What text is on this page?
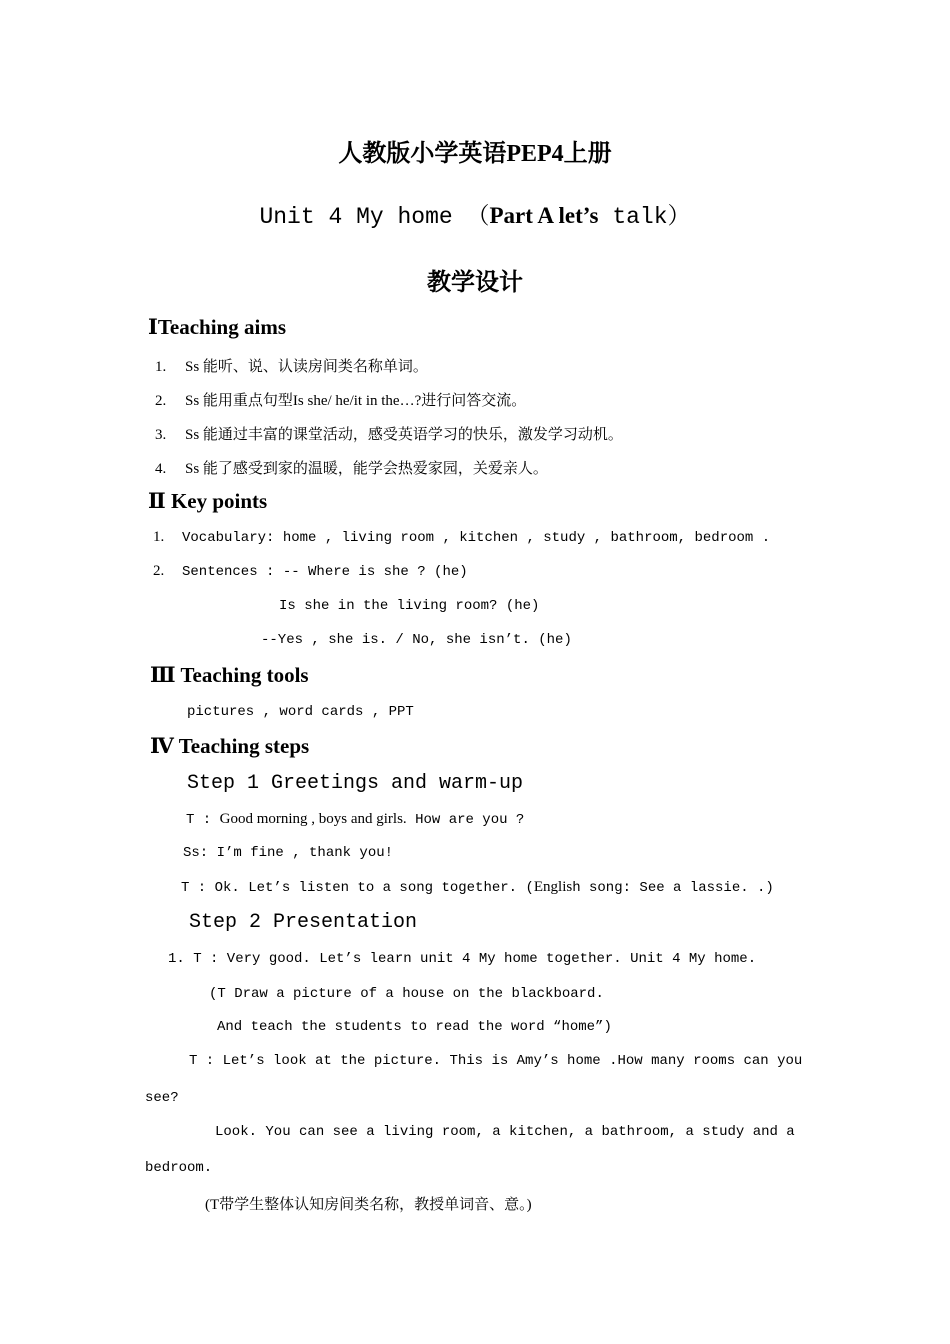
人教版小学英语PEP4上册
Unit 4 My home （Part A let’s talk）
教学设计
ⅠTeaching aims
1. Ss 能听、说、认读房间类名称单词。
2. Ss 能用重点句型Is she/ he/it in the…?进行问答交流。
3. Ss 能通过丰富的课堂活动，感受英语学习的快乐，激发学习动机。
4. Ss 能了感受到家的温暖，能学会热爱家园，关爱亲人。
Ⅱ Key points
1. Vocabulary: home , living room , kitchen , study , bathroom, bedroom .
2. Sentences : -- Where is she ? (he)
Is she in the living room? (he)
--Yes , she is. / No, she isn’t. (he)
Ⅲ Teaching tools
pictures , word cards , PPT
Ⅳ Teaching steps
Step 1 Greetings and warm-up
T : Good morning , boys and girls. How are you ?
Ss: I’m fine , thank you!
T : Ok. Let’s listen to a song together. (English song: See a lassie. .)
Step 2 Presentation
1. T : Very good. Let’s learn unit 4 My home together. Unit 4 My home.
(T Draw a picture of a house on the blackboard.
And teach the students to read the word “home”)
T : Let’s look at the picture. This is Amy’s home .How many rooms can you
see?
Look. You can see a living room, a kitchen, a bathroom, a study and a
bedroom.
(T带学生整体认知房间类名称，教授单词音、意。)
